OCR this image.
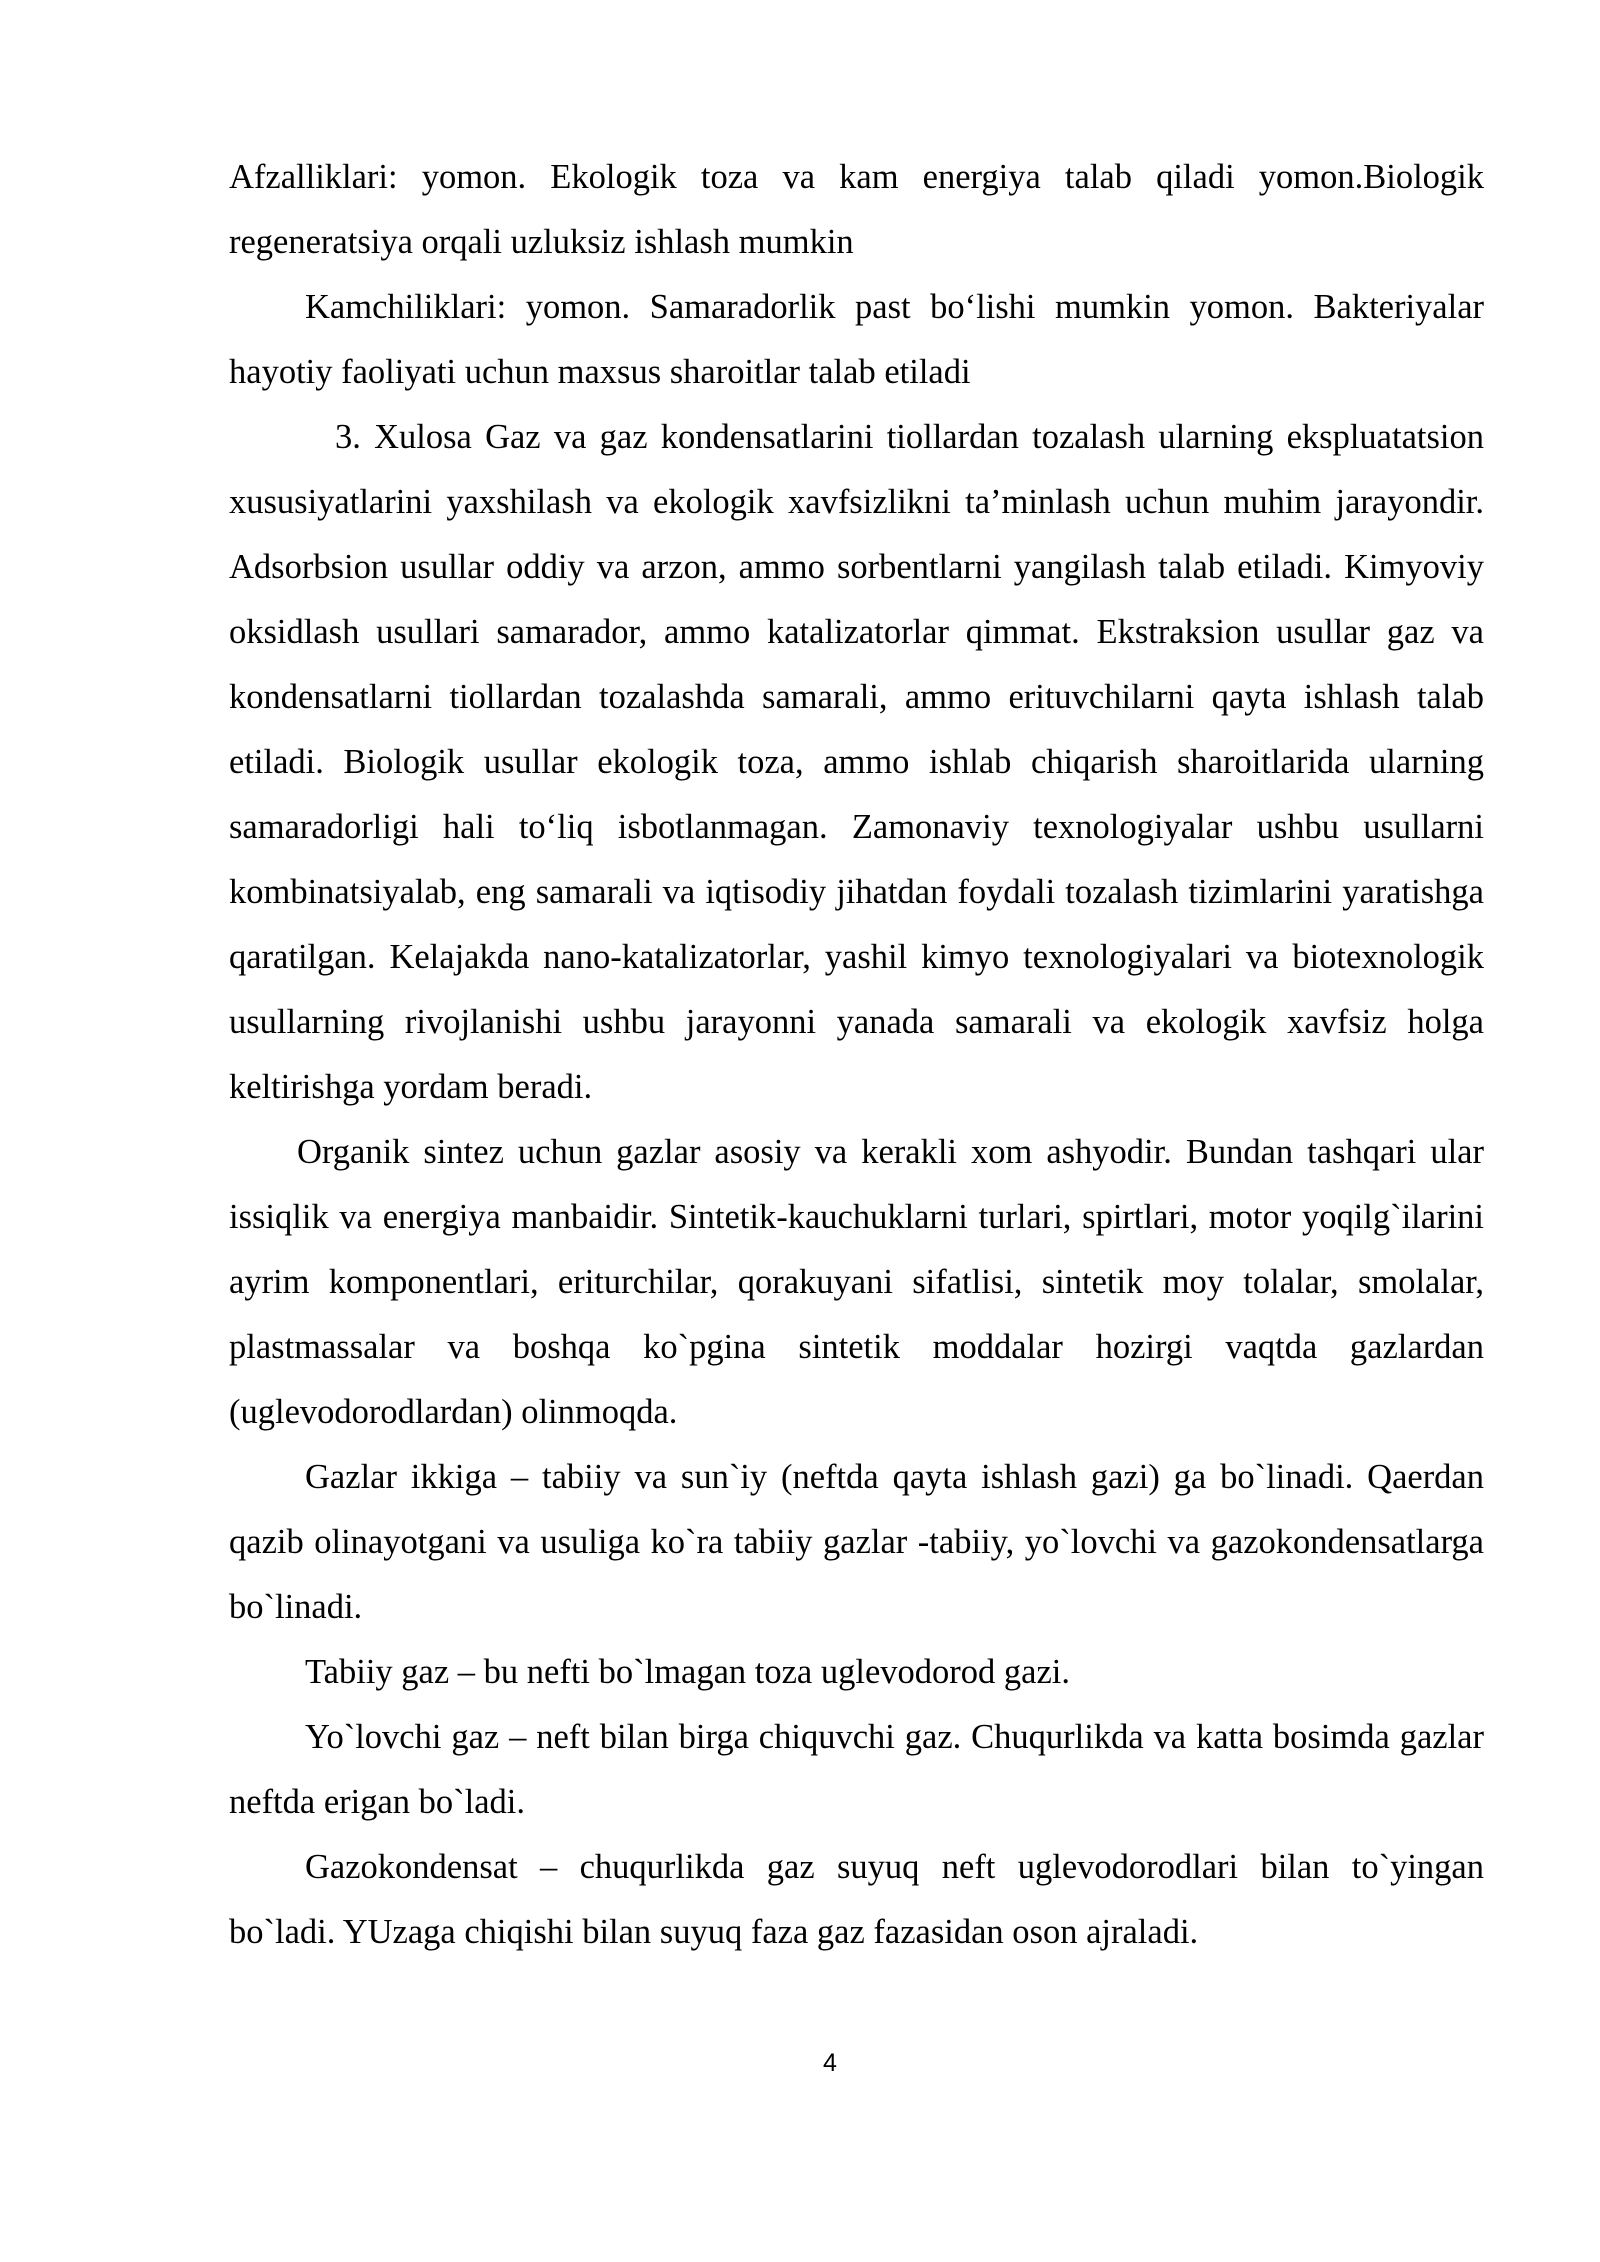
Afzalliklari: yomon. Ekologik toza va kam energiya talab qiladi yomon.Biologik regeneratsiya orqali uzluksiz ishlash mumkin

Kamchiliklari: yomon. Samaradorlik past bo‘lishi mumkin yomon. Bakteriyalar hayotiy faoliyati uchun maxsus sharoitlar talab etiladi

3. Xulosa Gaz va gaz kondensatlarini tiollardan tozalash ularning ekspluatatsion xususiyatlarini yaxshilash va ekologik xavfsizlikni ta’minlash uchun muhim jarayondir. Adsorbsion usullar oddiy va arzon, ammo sorbentlarni yangilash talab etiladi. Kimyoviy oksidlash usullari samarador, ammo katalizatorlar qimmat. Ekstraksion usullar gaz va kondensatlarni tiollardan tozalashda samarali, ammo erituvchilarni qayta ishlash talab etiladi. Biologik usullar ekologik toza, ammo ishlab chiqarish sharoitlarida ularning samaradorligi hali to‘liq isbotlanmagan. Zamonaviy texnologiyalar ushbu usullarni kombinatsiyalab, eng samarali va iqtisodiy jihatdan foydali tozalash tizimlarini yaratishga qaratilgan. Kelajakda nano-katalizatorlar, yashil kimyo texnologiyalari va biotexnologik usullarning rivojlanishi ushbu jarayonni yanada samarali va ekologik xavfsiz holga keltirishga yordam beradi.

Organik sintez uchun gazlar asosiy va kerakli xom ashyodir. Bundan tashqari ular issiqlik va energiya manbaidir. Sintetik-kauchuklarni turlari, spirtlari, motor yoqilg`ilarini ayrim komponentlari, eriturchilar, qorakuyani sifatlisi, sintetik moy tolalar, smolalar, plastmassalar va boshqa ko`pgina sintetik moddalar hozirgi vaqtda gazlardan (uglevodorodlardan) olinmoqda.

Gazlar ikkiga – tabiiy va sun`iy (neftda qayta ishlash gazi) ga bo`linadi. Qaerdan qazib olinayotgani va usuliga ko`ra tabiiy gazlar -tabiiy, yo`lovchi va gazokondensatlarga bo`linadi.

Tabiiy gaz – bu nefti bo`lmagan toza uglevodorod gazi.

Yo`lovchi gaz – neft bilan birga chiquvchi gaz. Chuqurlikda va katta bosimda gazlar neftda erigan bo`ladi.

Gazokondensat – chuqurlikda gaz suyuq neft uglevodorodlari bilan to`yingan bo`ladi. YUzaga chiqishi bilan suyuq faza gaz fazasidan oson ajraladi.

4
